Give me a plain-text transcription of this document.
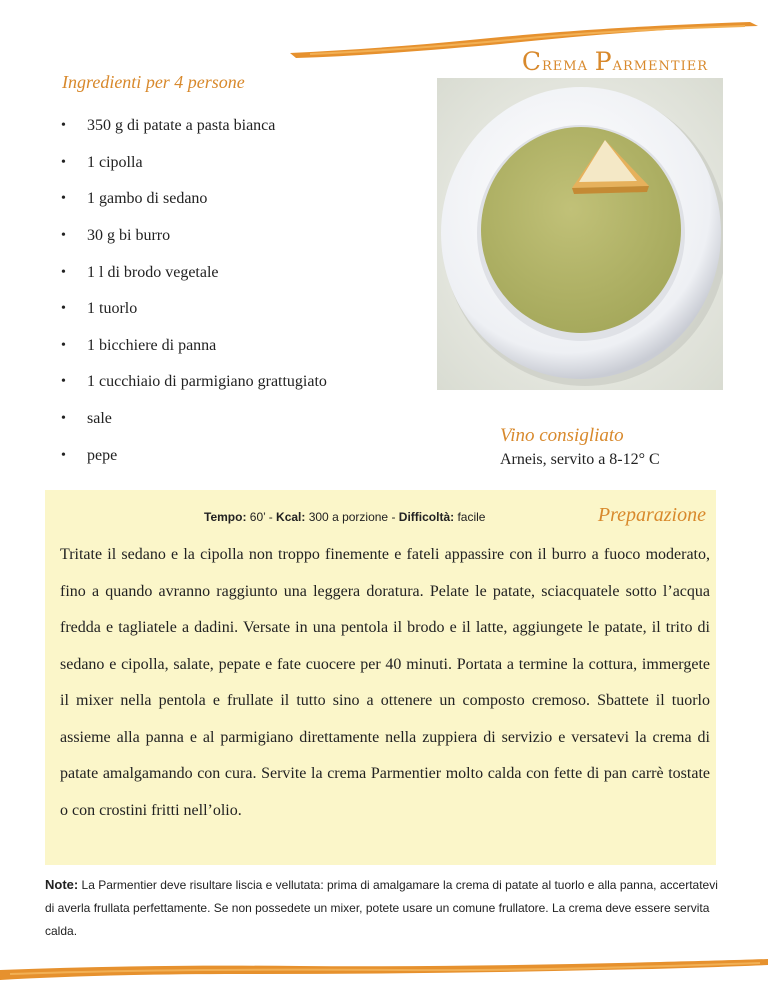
Crema Parmentier
Ingredienti per 4 persone
•	350 g di patate a pasta bianca
•	1 cipolla
•	1 gambo di sedano
•	30 g bi burro
•	1 l di brodo vegetale
•	1 tuorlo
•	1 bicchiere di panna
•	1 cucchiaio di parmigiano grattugiato
•	sale
•	pepe
Vino consigliato
Arneis, servito a 8-12° C
Tempo: 60’ - Kcal: 300 a porzione - Difficoltà: facile	Preparazione
Tritate il sedano e la cipolla non troppo finemente e fateli appassire con il burro a fuoco moderato, fino a quando avranno raggiunto una leggera doratura. Pelate le patate, sciacquatele sotto l’acqua fredda e tagliatele a dadini. Versate in una pentola il brodo e il latte, aggiungete le patate, il trito di sedano e cipolla, salate, pepate e fate cuocere per 40 minuti. Portata a termine la cottura, immergete il mixer nella pentola e frullate il tutto sino a ottenere un composto cremoso. Sbattete il tuorlo assieme alla panna e al parmigiano direttamente nella zuppiera di servizio e versatevi la crema di patate amalgamando con cura. Servite la crema Parmentier molto calda con fette di pan carrè tostate o con crostini fritti nell’olio.
Note: La Parmentier deve risultare liscia e vellutata: prima di amalgamare la crema di patate al tuorlo e alla panna, accertatevi di averla frullata perfettamente. Se non possedete un mixer, potete usare un comune frullatore. La crema deve essere servita calda.
